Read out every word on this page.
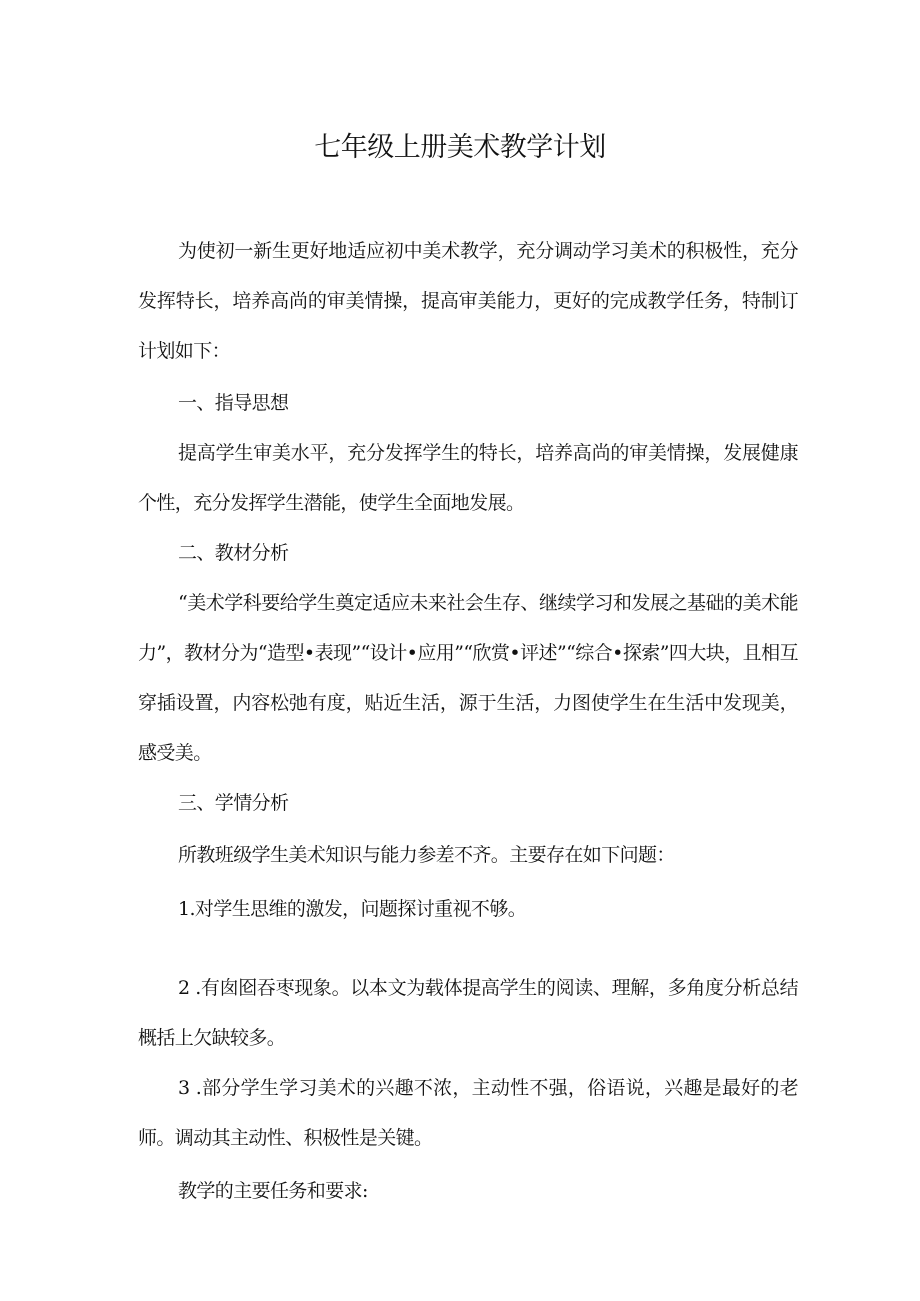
七年级上册美术教学计划

为使初一新生更好地适应初中美术教学，充分调动学习美术的积极性，充分发挥特长，培养高尚的审美情操，提高审美能力，更好的完成教学任务，特制订计划如下：

一、指导思想

提高学生审美水平，充分发挥学生的特长，培养高尚的审美情操，发展健康个性，充分发挥学生潜能，使学生全面地发展。

二、教材分析

“美术学科要给学生奠定适应未来社会生存、继续学习和发展之基础的美术能力”，教材分为“造型•表现”“设计•应用”“欣赏•评述”“综合•探索”四大块，且相互穿插设置，内容松弛有度，贴近生活，源于生活，力图使学生在生活中发现美，感受美。

三、学情分析

所教班级学生美术知识与能力参差不齐。主要存在如下问题：

1.对学生思维的激发，问题探讨重视不够。

2 .有囱囵吞枣现象。以本文为载体提高学生的阅读、理解，多角度分析总结概括上欠缺较多。

3 .部分学生学习美术的兴趣不浓，主动性不强，俗语说，兴趣是最好的老师。调动其主动性、积极性是关键。

教学的主要任务和要求:
